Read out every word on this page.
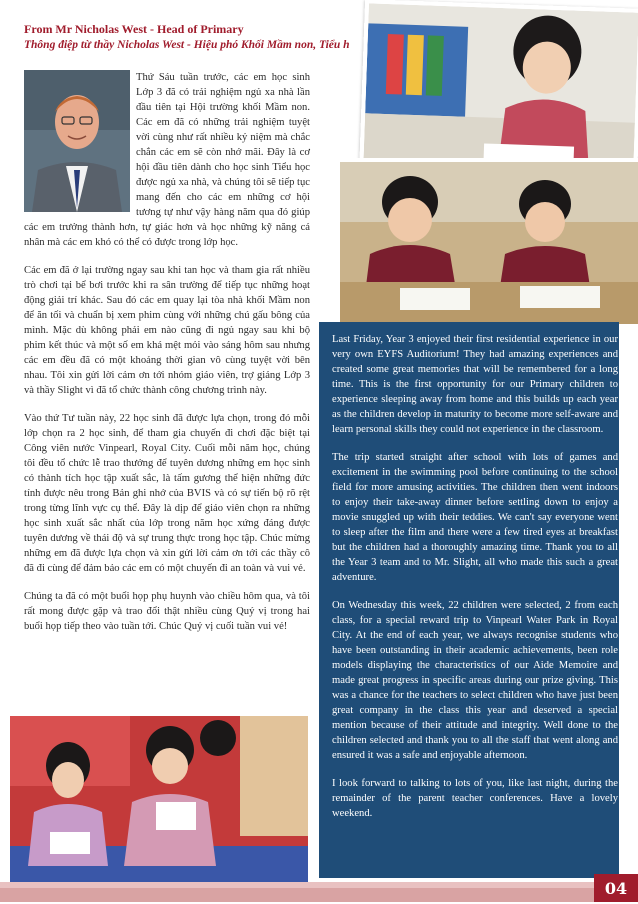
From Mr Nicholas West - Head of Primary
Thông điệp từ thầy Nicholas West - Hiệu phó Khối Mầm non, Tiểu h

Thứ Sáu tuần trước, các em học sinh Lớp 3 đã có trải nghiệm ngủ xa nhà lần đầu tiên tại Hội trường khối Mầm non. Các em đã có những trải nghiệm tuyệt vời cùng như rất nhiều kỷ niệm mà chắc chắn các em sẽ còn nhớ mãi. Đây là cơ hội đầu tiên dành cho học sinh Tiểu học được ngủ xa nhà, và chúng tôi sẽ tiếp tục mang đến cho các em những cơ hội tương tự như vậy hàng năm qua đó giúp các em trưởng thành hơn, tự giác hơn và học những kỹ năng cá nhân mà các em khó có thể có được trong lớp học.

Các em đã ở lại trường ngay sau khi tan học và tham gia rất nhiều trò chơi tại bể bơi trước khi ra sân trường để tiếp tục những hoạt động giải trí khác. Sau đó các em quay lại tòa nhà khối Mầm non để ăn tối và chuẩn bị xem phim cùng với những chú gấu bông của mình. Mặc dù không phải em nào cũng đi ngủ ngay sau khi bộ phim kết thúc và một số em khá mệt mỏi vào sáng hôm sau nhưng các em đều đã có một khoảng thời gian vô cùng tuyệt vời bên nhau. Tôi xin gửi lời cảm ơn tới nhóm giáo viên, trợ giảng Lớp 3 và thầy Slight vì đã tổ chức thành công chương trình này.

Vào thứ Tư tuần này, 22 học sinh đã được lựa chọn, trong đó mỗi lớp chọn ra 2 học sinh, để tham gia chuyến đi chơi đặc biệt tại Công viên nước Vinpearl, Royal City. Cuối mỗi năm học, chúng tôi đều tổ chức lễ trao thưởng để tuyên dương những em học sinh có thành tích học tập xuất sắc, là tấm gương thể hiện những đức tính được nêu trong Bản ghi nhớ của BVIS và có sự tiến bộ rõ rệt trong từng lĩnh vực cụ thể. Đây là dịp để giáo viên chọn ra những học sinh xuất sắc nhất của lớp trong năm học xứng đáng được tuyên dương về thái độ và sự trung thực trong học tập. Chúc mừng những em đã được lựa chọn và xin gửi lời cảm ơn tới các thầy cô đã đi cùng để đảm bảo các em có một chuyến đi an toàn và vui vẻ.

Chúng ta đã có một buổi họp phụ huynh vào chiều hôm qua, và tôi rất mong được gặp và trao đổi thật nhiều cùng Quý vị trong hai buổi họp tiếp theo vào tuần tới. Chúc Quý vị cuối tuần vui vẻ!

Last Friday, Year 3 enjoyed their first residential experience in our very own EYFS Auditorium! They had amazing experiences and created some great memories that will be remembered for a long time. This is the first opportunity for our Primary children to experience sleeping away from home and this builds up each year as the children develop in maturity to become more self-aware and learn personal skills they could not experience in the classroom.

The trip started straight after school with lots of games and excitement in the swimming pool before continuing to the school field for more amusing activities. The children then went indoors to enjoy their take-away dinner before settling down to enjoy a movie snuggled up with their teddies. We can't say everyone went to sleep after the film and there were a few tired eyes at breakfast but the children had a thoroughly amazing time. Thank you to all the Year 3 team and to Mr. Slight, all who made this such a great adventure.

On Wednesday this week, 22 children were selected, 2 from each class, for a special reward trip to Vinpearl Water Park in Royal City. At the end of each year, we always recognise students who have been outstanding in their academic achievements, been role models displaying the characteristics of our Aide Memoire and made great progress in specific areas during our prize giving. This was a chance for the teachers to select children who have just been great company in the class this year and deserved a special mention because of their attitude and integrity. Well done to the children selected and thank you to all the staff that went along and ensured it was a safe and enjoyable afternoon.

I look forward to talking to lots of you, like last night, during the remainder of the parent teacher conferences. Have a lovely weekend.

04
